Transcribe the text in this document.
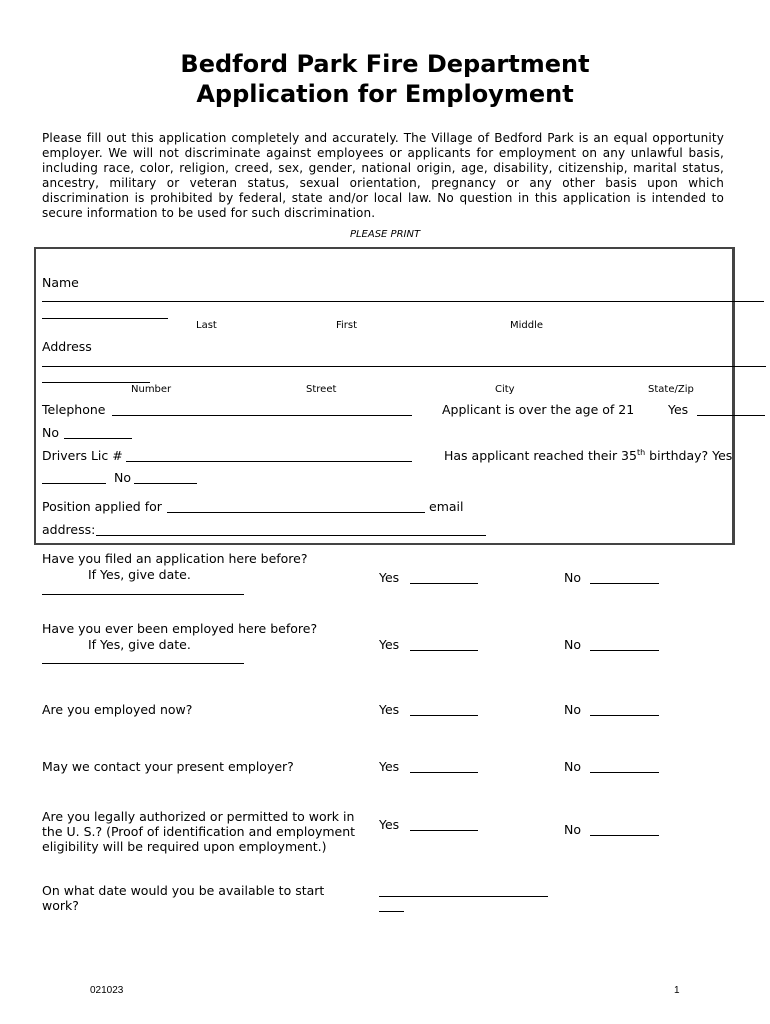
Bedford Park Fire Department
Application for Employment
Please fill out this application completely and accurately. The Village of Bedford Park is an equal opportunity employer. We will not discriminate against employees or applicants for employment on any unlawful basis, including race, color, religion, creed, sex, gender, national origin, age, disability, citizenship, marital status, ancestry, military or veteran status, sexual orientation, pregnancy or any other basis upon which discrimination is prohibited by federal, state and/or local law. No question in this application is intended to secure information to be used for such discrimination.
PLEASE PRINT
Name
Last	First	Middle
Address
Number	Street	City	State/Zip
Telephone	Applicant is over the age of 21	Yes
No
Drivers Lic #	Has applicant reached their 35th birthday? Yes
No
Position applied for	email
address:
Have you filed an application here before?
If Yes, give date.	Yes	No
Have you ever been employed here before?
If Yes, give date.	Yes	No
Are you employed now?	Yes	No
May we contact your present employer?	Yes	No
Are you legally authorized or permitted to work in
the U. S.? (Proof of identification and employment
eligibility will be required upon employment.)
Yes	No
On what date would you be available to start
work?
021023	1
